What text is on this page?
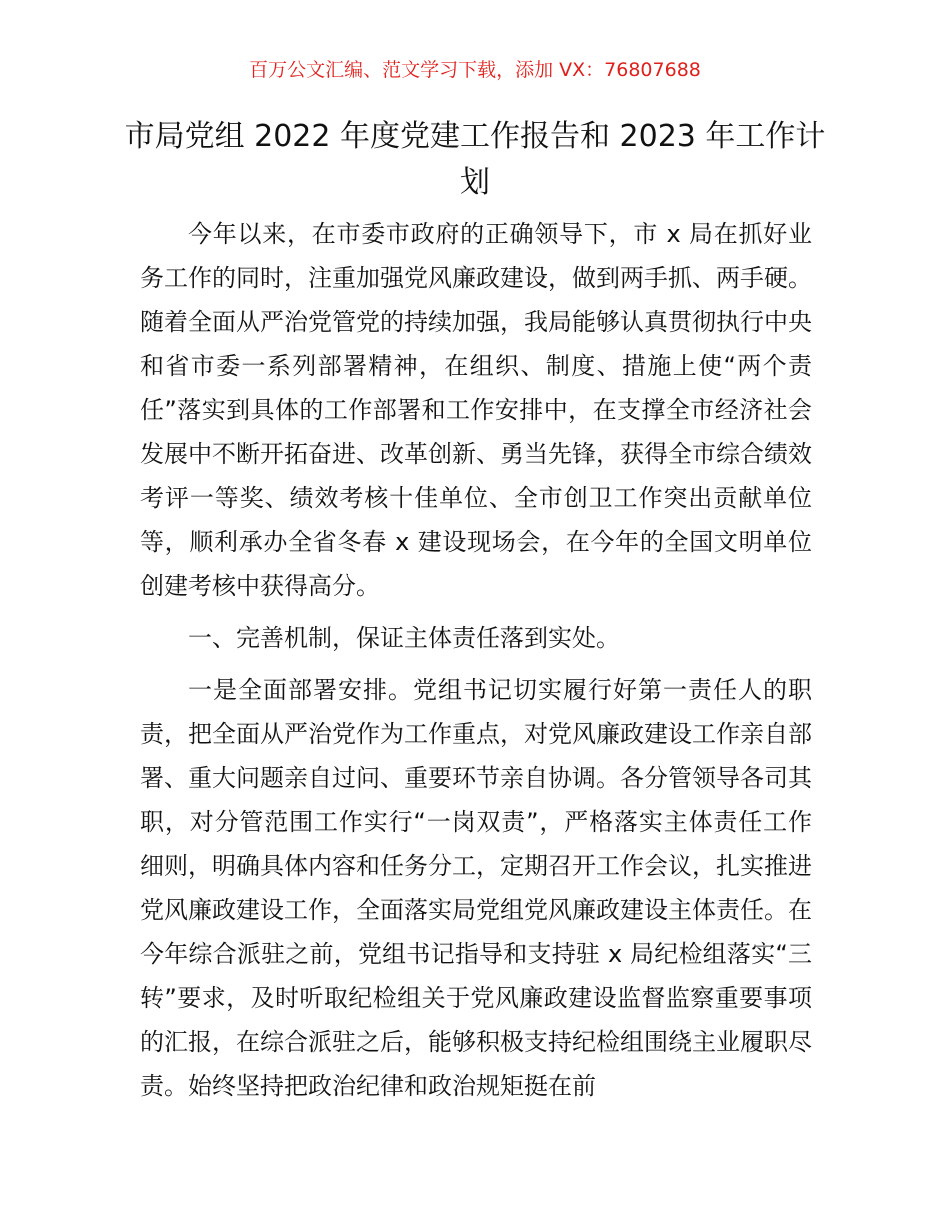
百万公文汇编、范文学习下载，添加 VX：76807688
市局党组 2022 年度党建工作报告和 2023 年工作计划

今年以来，在市委市政府的正确领导下，市 x 局在抓好业务工作的同时，注重加强党风廉政建设，做到两手抓、两手硬。随着全面从严治党管党的持续加强，我局能够认真贯彻执行中央和省市委一系列部署精神，在组织、制度、措施上使“两个责任”落实到具体的工作部署和工作安排中，在支撑全市经济社会发展中不断开拓奋进、改革创新、勇当先锋，获得全市综合绩效考评一等奖、绩效考核十佳单位、全市创卫工作突出贡献单位等，顺利承办全省冬春 x 建设现场会，在今年的全国文明单位创建考核中获得高分。

一、完善机制，保证主体责任落到实处。

一是全面部署安排。党组书记切实履行好第一责任人的职责，把全面从严治党作为工作重点，对党风廉政建设工作亲自部署、重大问题亲自过问、重要环节亲自协调。各分管领导各司其职，对分管范围工作实行“一岗双责”，严格落实主体责任工作细则，明确具体内容和任务分工，定期召开工作会议，扎实推进党风廉政建设工作，全面落实局党组党风廉政建设主体责任。在今年综合派驻之前，党组书记指导和支持驻 x 局纪检组落实“三转”要求，及时听取纪检组关于党风廉政建设监督监察重要事项的汇报，在综合派驻之后，能够积极支持纪检组围绕主业履职尽责。始终坚持把政治纪律和政治规矩挺在前
